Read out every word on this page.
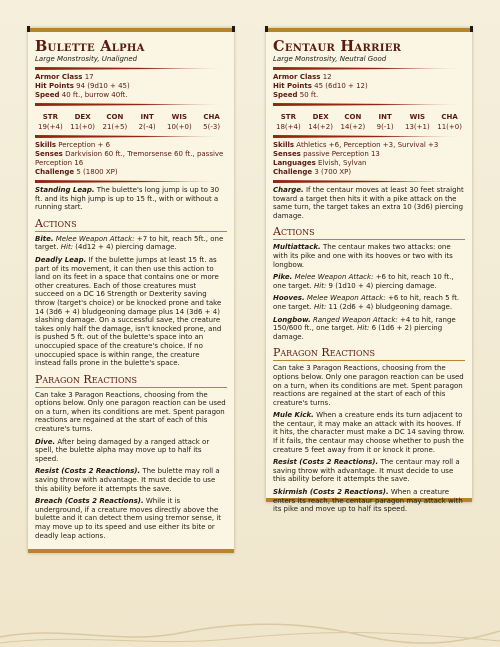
Bulette Alpha
Large Monstrosity, Unaligned
Armor Class 17
Hit Points 94 (9d10 + 45)
Speed 40 ft., burrow 40ft.
STR
19(+4)
DEX
11(+0)
CON
21(+5)
INT
2(-4)
WIS
10(+0)
CHA
5(-3)
Skills Perception + 6
Senses Darkvision 60 ft., Tremorsense 60 ft., passive Perception 16
Challenge 5 (1800 XP)

Standing Leap. The bulette's long jump is up to 30 ft. and its high jump is up to 15 ft., with or without a running start.

Actions

Bite. Melee Weapon Attack: +7 to hit, reach 5ft., one target. Hit: (4d12 + 4) piercing damage.

Deadly Leap. If the bulette jumps at least 15 ft. as part of its movement, it can then use this action to land on its feet in a space that contains one or more other creatures. Each of those creatures must succeed on a DC 16 Strength or Dexterity saving throw (target's choice) or be knocked prone and take 14 (3d6 + 4) bludgeoning damage plus 14 (3d6 + 4) slashing damage. On a successful save, the creature takes only half the damage, isn't knocked prone, and is pushed 5 ft. out of the bulette's space into an unoccupied space of the creature's choice. If no unoccupied space is within range, the creature instead falls prone in the bulette's space.

Paragon Reactions

Can take 3 Paragon Reactions, choosing from the options below. Only one paragon reaction can be used on a turn, when its conditions are met. Spent paragon reactions are regained at the start of each of this creature's turns.

Dive. After being damaged by a ranged attack or spell, the bulette alpha may move up to half its speed.

Resist (Costs 2 Reactions). The bulette may roll a saving throw with advantage. It must decide to use this ability before it attempts the save.

Breach (Costs 2 Reactions). While it is underground, if a creature moves directly above the bulette and it can detect them using tremor sense, it may move up to its speed and use either its bite or deadly leap actions.

Centaur Harrier
Large Monstrosity, Neutral Good
Armor Class 12
Hit Points 45 (6d10 + 12)
Speed 50 ft.
STR
18(+4)
DEX
14(+2)
CON
14(+2)
INT
9(-1)
WIS
13(+1)
CHA
11(+0)
Skills Athletics +6, Perception +3, Survival +3
Senses passive Perception 13
Languages Elvish, Sylvan
Challenge 3 (700 XP)

Charge. If the centaur moves at least 30 feet straight toward a target then hits it with a pike attack on the same turn, the target takes an extra 10 (3d6) piercing damage.

Actions

Multiattack. The centaur makes two attacks: one with its pike and one with its hooves or two with its longbow.

Pike. Melee Weapon Attack: +6 to hit, reach 10 ft., one target. Hit: 9 (1d10 + 4) piercing damage.

Hooves. Melee Weapon Attack: +6 to hit, reach 5 ft. one target. Hit: 11 (2d6 + 4) bludgeoning damage.

Longbow. Ranged Weapon Attack: +4 to hit, range 150/600 ft., one target. Hit: 6 (1d6 + 2) piercing damage.

Paragon Reactions

Can take 3 Paragon Reactions, choosing from the options below. Only one paragon reaction can be used on a turn, when its conditions are met. Spent paragon reactions are regained at the start of each of this creature's turns.

Mule Kick. When a creature ends its turn adjacent to the centaur, it may make an attack with its hooves. If it hits, the character must make a DC 14 saving throw. If it fails, the centaur may choose whether to push the creature 5 feet away from it or knock it prone.

Resist (Costs 2 Reactions). The centaur may roll a saving throw with advantage. It must decide to use this ability before it attempts the save.

Skirmish (Costs 2 Reactions). When a creature enters its reach, the centaur paragon may attack with its pike and move up to half its speed.
